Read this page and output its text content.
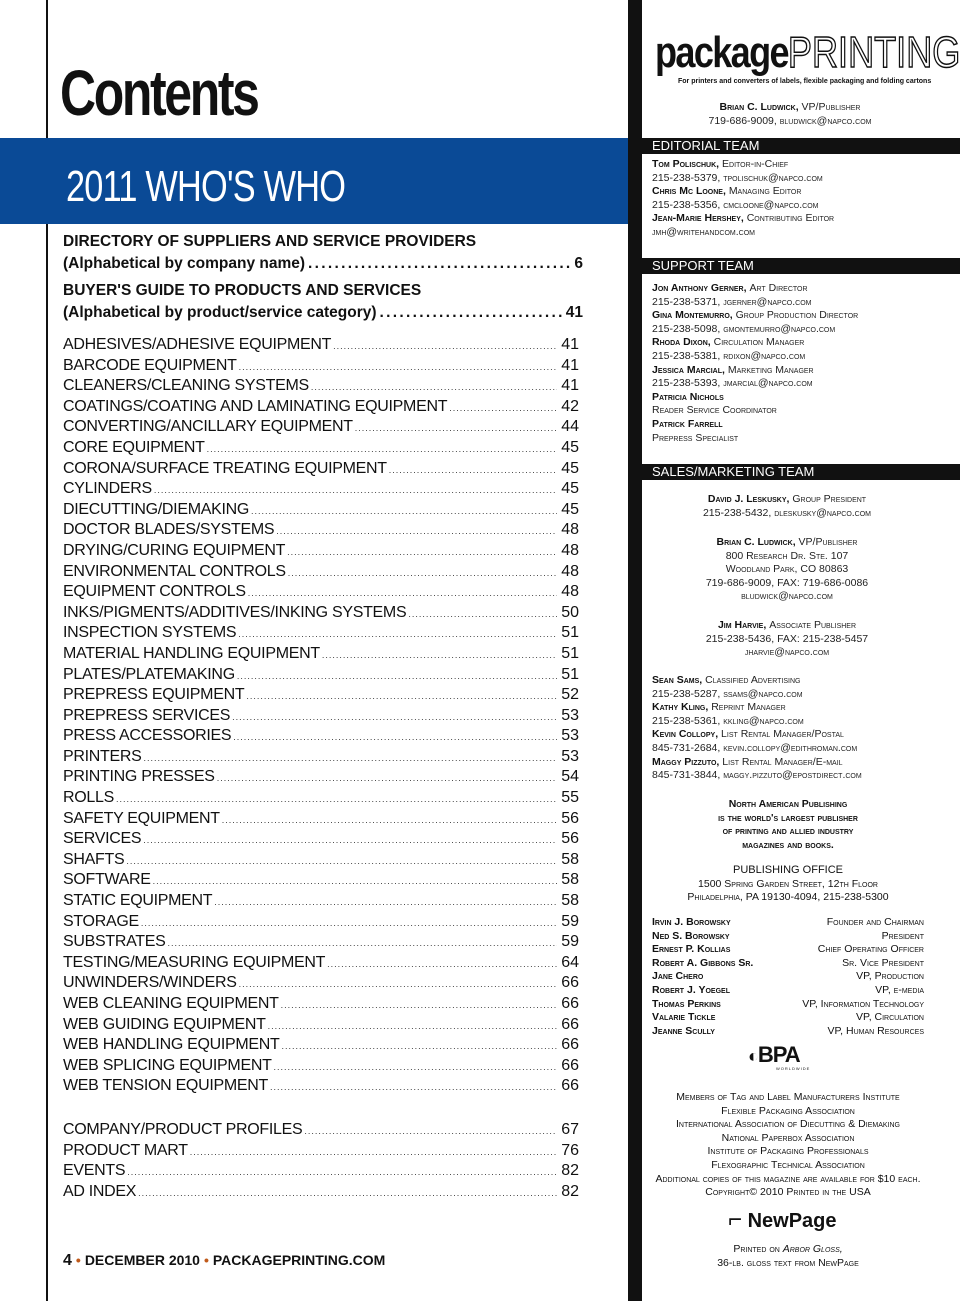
Contents
2011 WHO'S WHO
DIRECTORY OF SUPPLIERS AND SERVICE PROVIDERS
(Alphabetical by company name) . . .	6
BUYER'S GUIDE TO PRODUCTS AND SERVICES
(Alphabetical by product/service category) . . .	41
ADHESIVES/ADHESIVE EQUIPMENT .....	41
BARCODE EQUIPMENT .....	41
CLEANERS/CLEANING SYSTEMS .....	41
COATINGS/COATING AND LAMINATING EQUIPMENT .....	42
CONVERTING/ANCILLARY EQUIPMENT .....	44
CORE EQUIPMENT .....	45
CORONA/SURFACE TREATING EQUIPMENT .....	45
CYLINDERS .....	45
DIECUTTING/DIEMAKING .....	45
DOCTOR BLADES/SYSTEMS .....	48
DRYING/CURING EQUIPMENT .....	48
ENVIRONMENTAL CONTROLS .....	48
EQUIPMENT CONTROLS .....	48
INKS/PIGMENTS/ADDITIVES/INKING SYSTEMS .....	50
INSPECTION SYSTEMS .....	51
MATERIAL HANDLING EQUIPMENT .....	51
PLATES/PLATEMAKING .....	51
PREPRESS EQUIPMENT .....	52
PREPRESS SERVICES .....	53
PRESS ACCESSORIES .....	53
PRINTERS .....	53
PRINTING PRESSES .....	54
ROLLS .....	55
SAFETY EQUIPMENT .....	56
SERVICES .....	56
SHAFTS .....	58
SOFTWARE .....	58
STATIC EQUIPMENT .....	58
STORAGE .....	59
SUBSTRATES .....	59
TESTING/MEASURING EQUIPMENT .....	64
UNWINDERS/WINDERS .....	66
WEB CLEANING EQUIPMENT .....	66
WEB GUIDING EQUIPMENT .....	66
WEB HANDLING EQUIPMENT .....	66
WEB SPLICING EQUIPMENT .....	66
WEB TENSION EQUIPMENT .....	66
COMPANY/PRODUCT PROFILES .....	67
PRODUCT MART .....	76
EVENTS .....	82
AD INDEX .....	82
4 • DECEMBER 2010 • PACKAGEPRINTING.COM
packagePRINTING
For printers and converters of labels, flexible packaging and folding cartons
Brian C. Ludwick, VP/Publisher
719-686-9009, bludwick@napco.com
EDITORIAL TEAM
Tom Polischuk, Editor-in-Chief
215-238-5379, tpolischuk@napco.com
Chris Mc Loone, Managing Editor
215-238-5356, cmcloone@napco.com
Jean-Marie Hershey, Contributing Editor
jmh@writehandcom.com
SUPPORT TEAM
Jon Anthony Gerner, Art Director
215-238-5371, jgerner@napco.com
Gina Montemurro, Group Production Director
215-238-5098, gmontemurro@napco.com
Rhoda Dixon, Circulation Manager
215-238-5381, rdixon@napco.com
Jessica Marcial, Marketing Manager
215-238-5393, jmarcial@napco.com
Patricia Nichols
Reader Service Coordinator
Patrick Farrell
Prepress Specialist
SALES/MARKETING TEAM
David J. Leskusky, Group President
215-238-5432, dleskusky@napco.com
Brian C. Ludwick, VP/Publisher
800 Research Dr. Ste. 107
Woodland Park, CO 80863
719-686-9009, FAX: 719-686-0086
bludwick@napco.com
Jim Harvie, Associate Publisher
215-238-5436, FAX: 215-238-5457
jharvie@napco.com
Sean Sams, Classified Advertising
215-238-5287, ssams@napco.com
Kathy Kling, Reprint Manager
215-238-5361, kkling@napco.com
Kevin Collopy, List Rental Manager/Postal
845-731-2684, kevin.collopy@edithroman.com
Maggy Pizzuto, List Rental Manager/E-mail
845-731-3844, maggy.pizzuto@epostdirect.com
North American Publishing
is the world's largest publisher
of printing and allied industry
magazines and books.
PUBLISHING OFFICE
1500 Spring Garden Street, 12th Floor
Philadelphia, PA 19130-4094, 215-238-5300
Irvin J. Borowsky	Founder and Chairman
Ned S. Borowsky	President
Ernest P. Kollias	Chief Operating Officer
Robert A. Gibbons Sr.	Sr. Vice President
Jane Chero	VP, Production
Robert J. Yoegel	VP, e-media
Thomas Perkins	VP, Information Technology
Valarie Tickle	VP, Circulation
Jeanne Scully	VP, Human Resources
◐BPA
WORLDWIDE
Members of Tag and Label Manufacturers Institute
Flexible Packaging Association
International Association of Diecutting & Diemaking
National Paperbox Association
Institute of Packaging Professionals
Flexographic Technical Association
Additional copies of this magazine are available for $10 each.
Copyright© 2010 Printed in the USA
⌐ NewPage
Printed on Arbor Gloss,
36-lb. gloss text from NewPage
